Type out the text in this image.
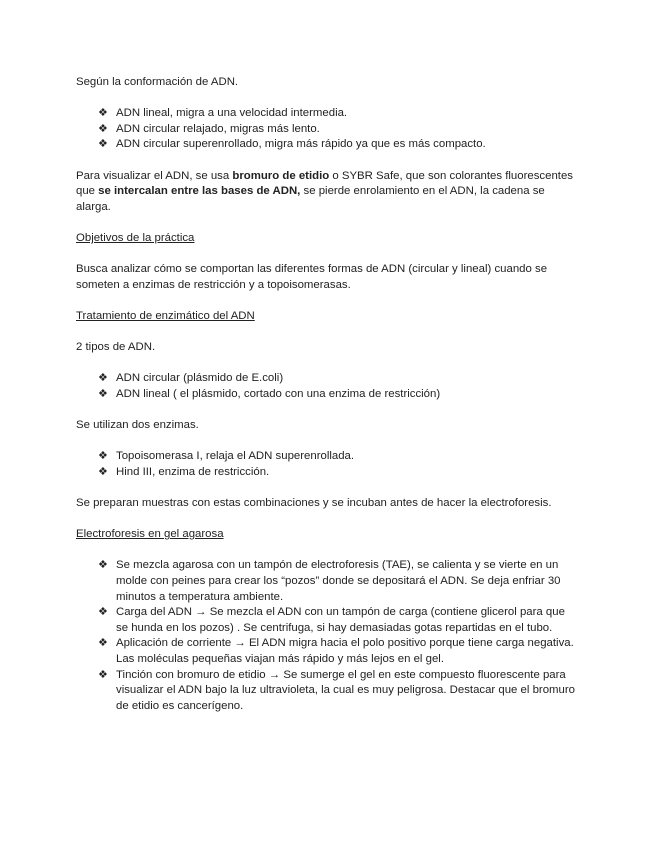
Según la conformación de ADN.

❖ ADN lineal, migra a una velocidad intermedia.
❖ ADN circular relajado, migras más lento.
❖ ADN circular superenrollado, migra más rápido ya que es más compacto.

Para visualizar el ADN, se usa bromuro de etidio o SYBR Safe, que son colorantes fluorescentes que se intercalan entre las bases de ADN, se pierde enrolamiento en el ADN, la cadena se alarga.

Objetivos de la práctica

Busca analizar cómo se comportan las diferentes formas de ADN (circular y lineal) cuando se someten a enzimas de restricción y a topoisomerasas.

Tratamiento de enzimático del ADN

2 tipos de ADN.

❖ ADN circular (plásmido de E.coli)
❖ ADN lineal ( el plásmido, cortado con una enzima de restricción)

Se utilizan dos enzimas.

❖ Topoisomerasa I, relaja el ADN superenrollada.
❖ Hind III, enzima de restricción.

Se preparan muestras con estas combinaciones y se incuban antes de hacer la electroforesis.

Electroforesis en gel agarosa

❖ Se mezcla agarosa con un tampón de electroforesis (TAE), se calienta y se vierte en un molde con peines para crear los “pozos” donde se depositará el ADN. Se deja enfriar 30 minutos a temperatura ambiente.
❖ Carga del ADN → Se mezcla el ADN con un tampón de carga (contiene glicerol para que se hunda en los pozos) . Se centrifuga, si hay demasiadas gotas repartidas en el tubo.
❖ Aplicación de corriente → El ADN migra hacia el polo positivo porque tiene carga negativa. Las moléculas pequeñas viajan más rápido y más lejos en el gel.
❖ Tinción con bromuro de etidio → Se sumerge el gel en este compuesto fluorescente para visualizar el ADN bajo la luz ultravioleta, la cual es muy peligrosa. Destacar que el bromuro de etidio es cancerígeno.
